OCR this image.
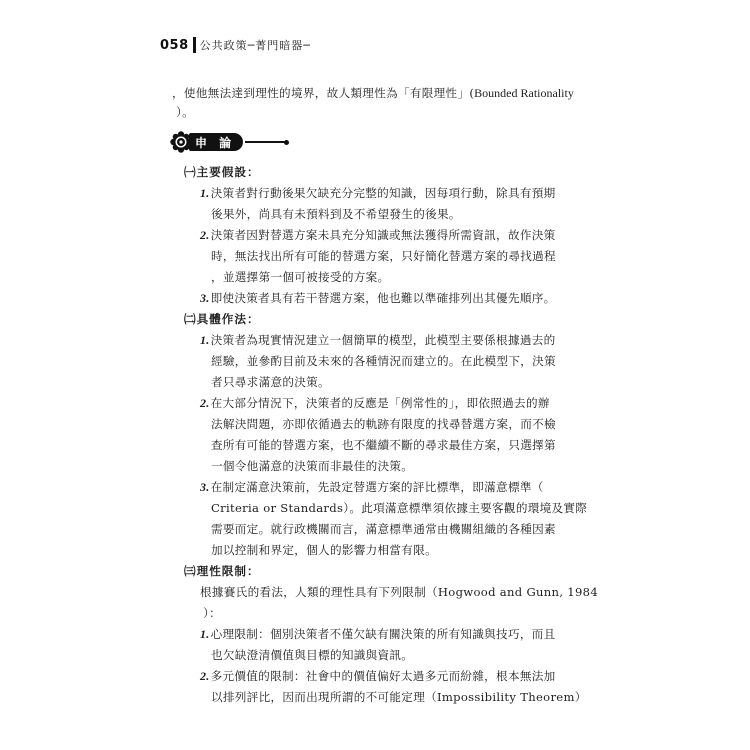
058 公共政策─菁門暗器─
，使他無法達到理性的境界，故人類理性為「有限理性」(Bounded Rationality
）。
申 論
㈠主要假設：
1.決策者對行動後果欠缺充分完整的知識，因每項行動，除具有預期
後果外，尚具有未預料到及不希望發生的後果。
2.決策者因對替選方案未具充分知識或無法獲得所需資訊，故作決策
時，無法找出所有可能的替選方案，只好簡化替選方案的尋找過程
，並選擇第一個可被接受的方案。
3.即使決策者具有若干替選方案，他也難以準確排列出其優先順序。
㈡具體作法：
1.決策者為現實情況建立一個簡單的模型，此模型主要係根據過去的
經驗，並參酌目前及未來的各種情況而建立的。在此模型下，決策
者只尋求滿意的決策。
2.在大部分情況下，決策者的反應是「例常性的」，即依照過去的辦
法解決問題，亦即依循過去的軌跡有限度的找尋替選方案，而不檢
查所有可能的替選方案，也不繼續不斷的尋求最佳方案，只選擇第
一個令他滿意的決策而非最佳的決策。
3.在制定滿意決策前，先設定替選方案的評比標準，即滿意標準（
Criteria or Standards）。此項滿意標準須依據主要客觀的環境及實際
需要而定。就行政機關而言，滿意標準通常由機關組織的各種因素
加以控制和界定，個人的影響力相當有限。
㈢理性限制：
根據賽氏的看法，人類的理性具有下列限制（Hogwood and Gunn, 1984
）：
1.心理限制：個別決策者不僅欠缺有關決策的所有知識與技巧，而且
也欠缺澄清價值與目標的知識與資訊。
2.多元價值的限制：社會中的價值偏好太過多元而紛雜，根本無法加
以排列評比，因而出現所謂的不可能定理（Impossibility Theorem）
